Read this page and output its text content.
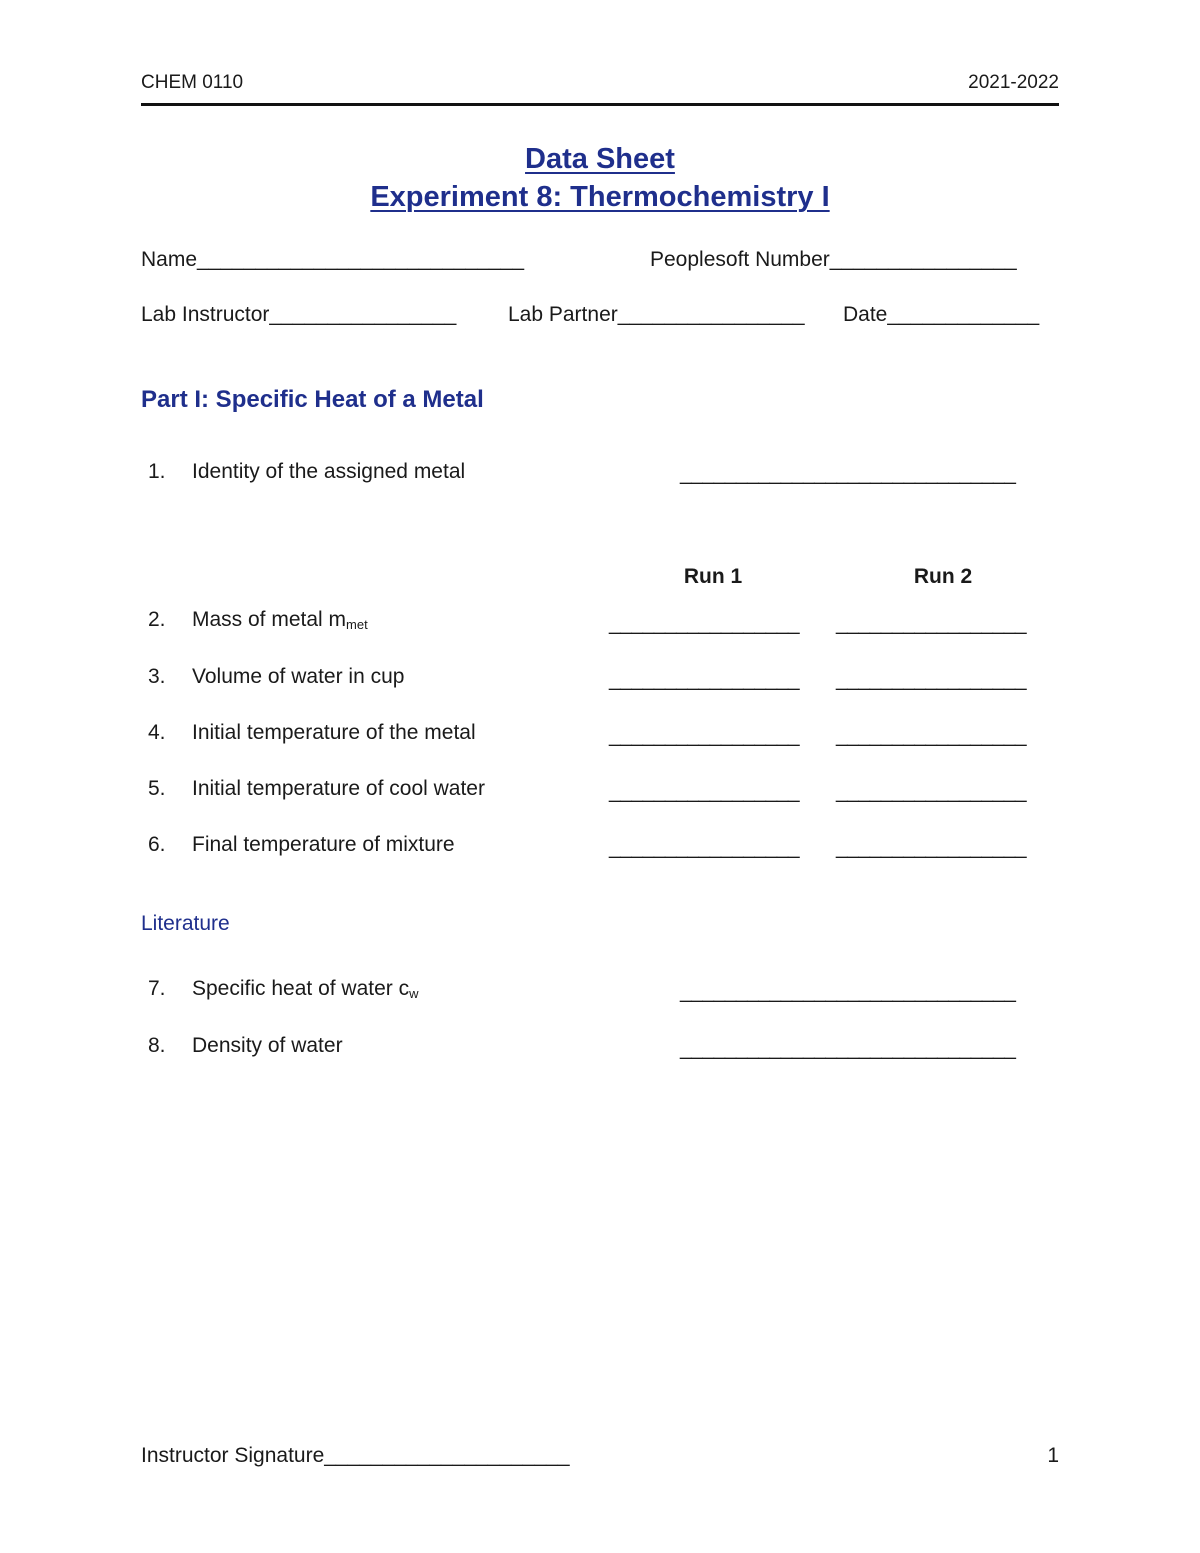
CHEM 0110	2021-2022
Data Sheet
Experiment 8: Thermochemistry I
Name____________________________	Peoplesoft Number________________
Lab Instructor________________ Lab Partner________________ Date_____________
Part I: Specific Heat of a Metal
1. Identity of the assigned metal	______________________________
Run 1	Run 2
2. Mass of metal $m_{met}$	_________________ _________________
3. Volume of water in cup	_________________ _________________
4. Initial temperature of the metal	_________________ _________________
5. Initial temperature of cool water	_________________ _________________
6. Final temperature of mixture	_________________ _________________
Literature
7. Specific heat of water $c_w$	______________________________
8. Density of water	______________________________
Instructor Signature_____________________	1
